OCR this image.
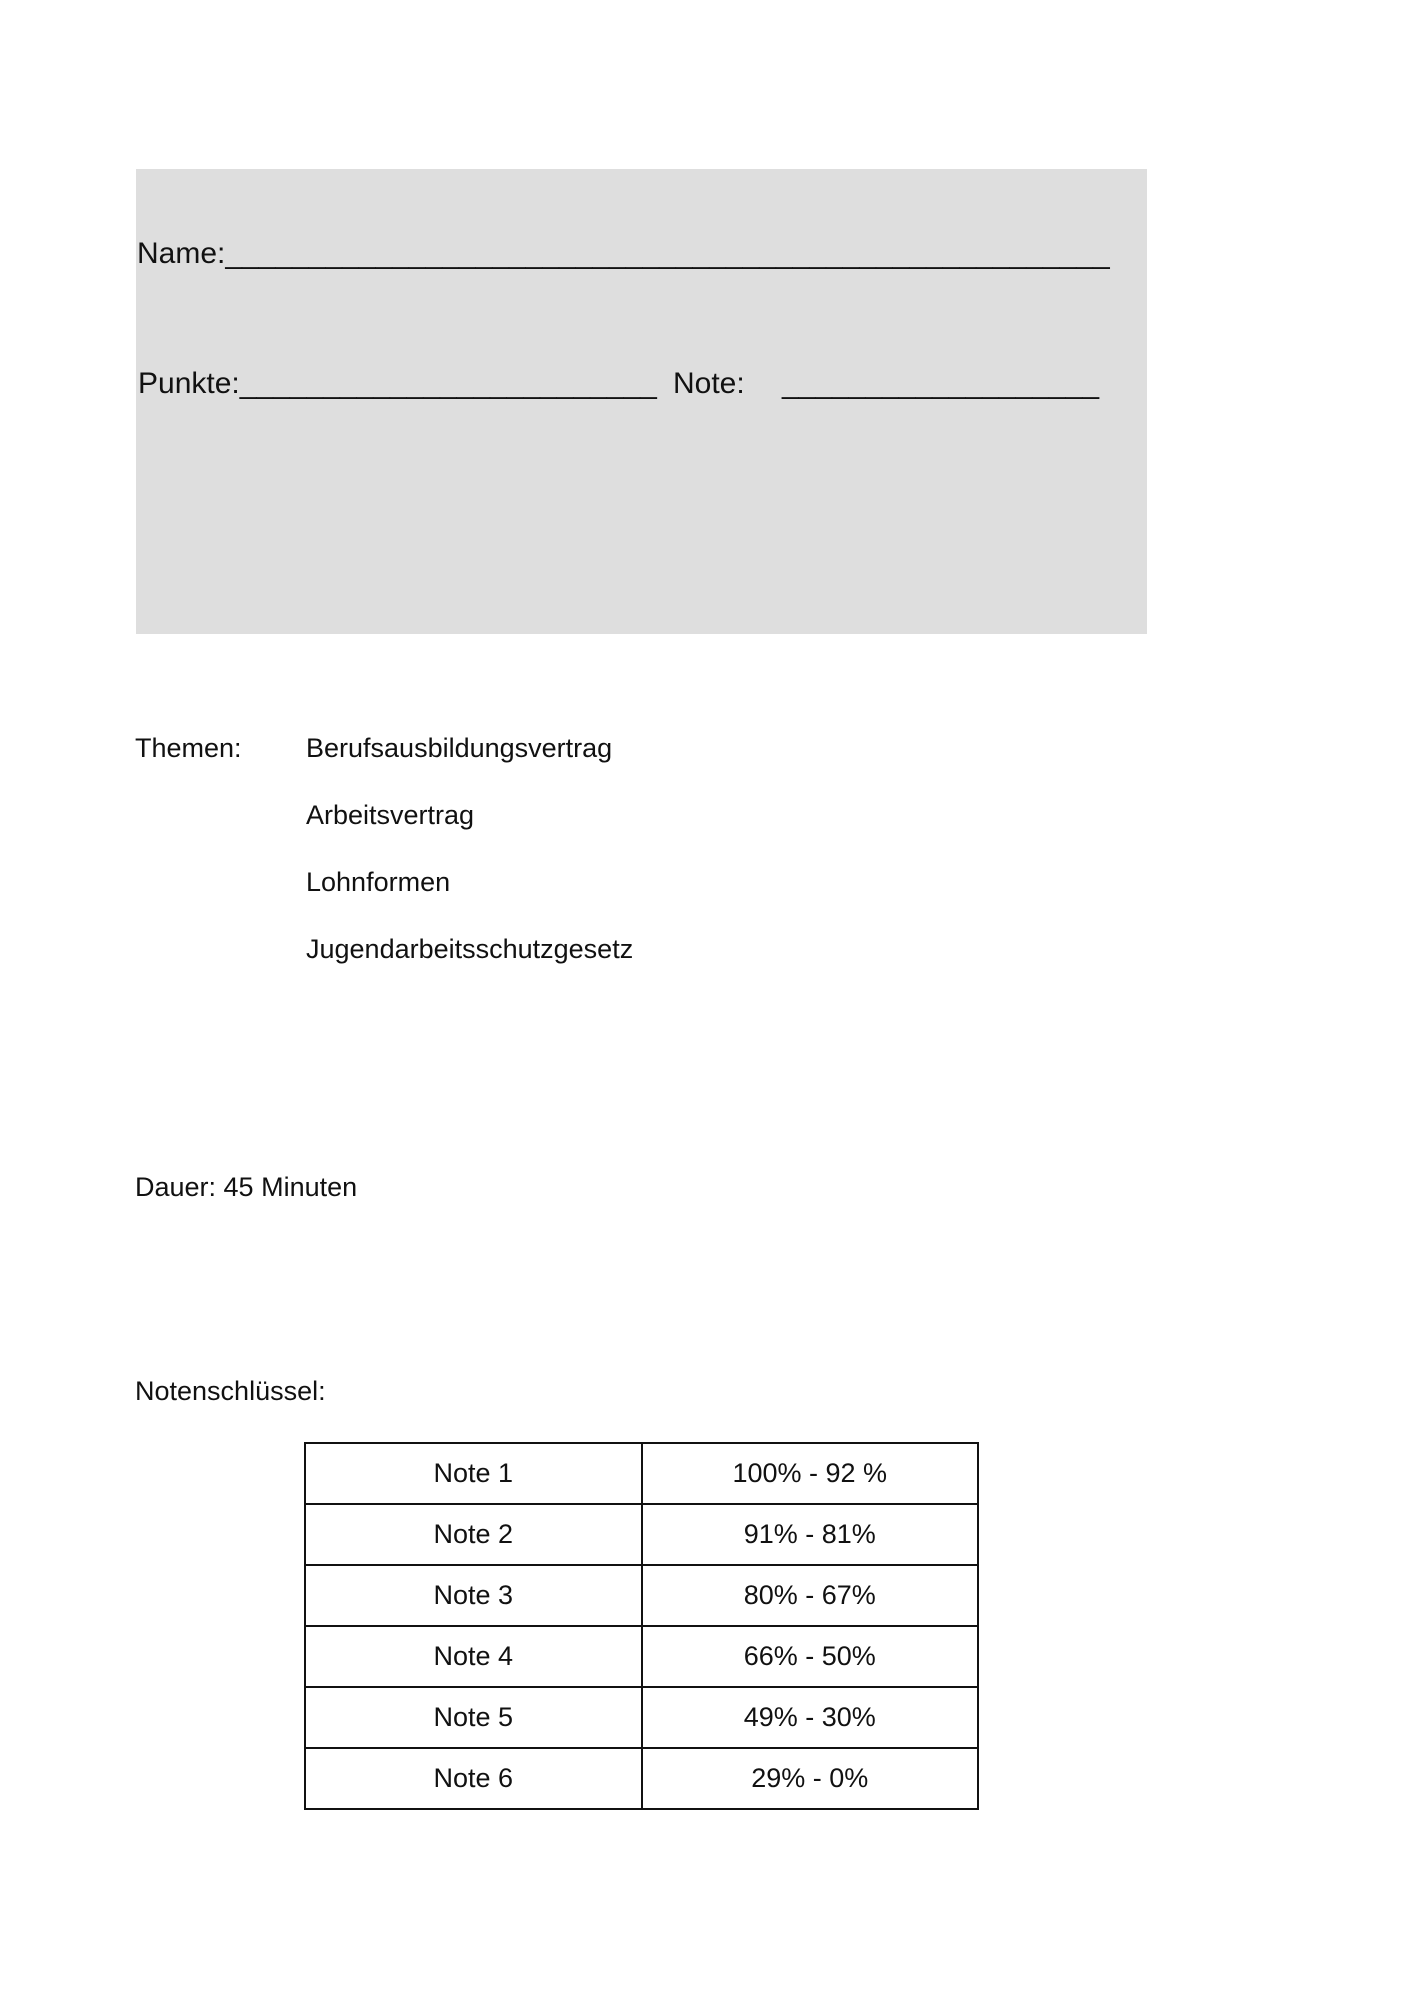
Name:_____________________________________________________
Punkte:_________________________ Note: ___________________
Themen: Berufsausbildungsvertrag
Arbeitsvertrag
Lohnformen
Jugendarbeitsschutzgesetz
Dauer: 45 Minuten
Notenschlüssel:
Note 1	100% - 92 %
Note 2	91% - 81%
Note 3	80% - 67%
Note 4	66% - 50%
Note 5	49% - 30%
Note 6	29% - 0%
